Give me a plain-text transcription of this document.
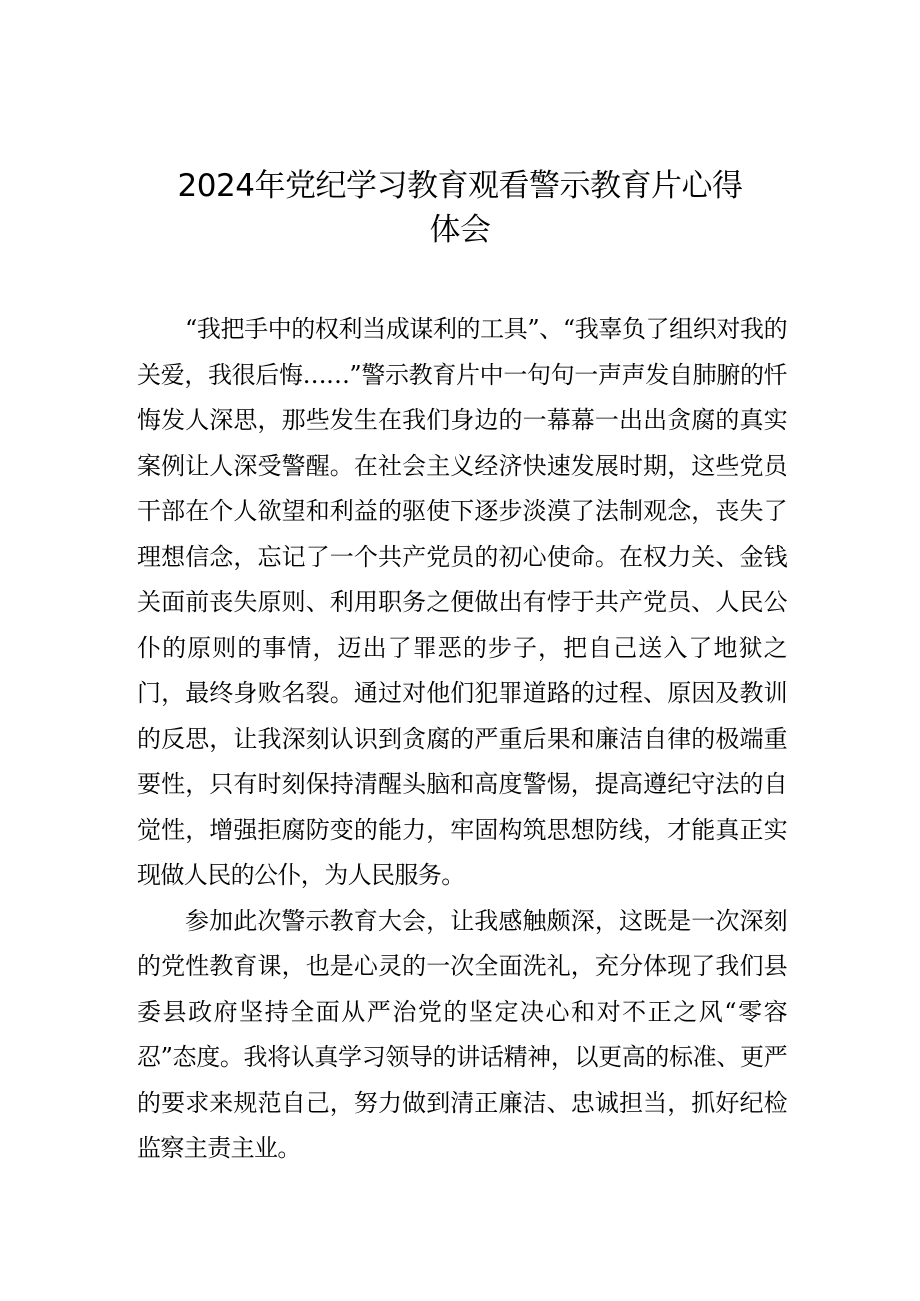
2024年党纪学习教育观看警示教育片心得
体会

“我把手中的权利当成谋利的工具”、“我辜负了组织对我的关爱，我很后悔……”警示教育片中一句句一声声发自肺腑的忏悔发人深思，那些发生在我们身边的一幕幕一出出贪腐的真实案例让人深受警醒。在社会主义经济快速发展时期，这些党员干部在个人欲望和利益的驱使下逐步淡漠了法制观念，丧失了理想信念，忘记了一个共产党员的初心使命。在权力关、金钱关面前丧失原则、利用职务之便做出有悖于共产党员、人民公仆的原则的事情，迈出了罪恶的步子，把自己送入了地狱之门，最终身败名裂。通过对他们犯罪道路的过程、原因及教训的反思，让我深刻认识到贪腐的严重后果和廉洁自律的极端重要性，只有时刻保持清醒头脑和高度警惕，提高遵纪守法的自觉性，增强拒腐防变的能力，牢固构筑思想防线，才能真正实现做人民的公仆，为人民服务。

参加此次警示教育大会，让我感触颇深，这既是一次深刻的党性教育课，也是心灵的一次全面洗礼，充分体现了我们县委县政府坚持全面从严治党的坚定决心和对不正之风“零容忍”态度。我将认真学习领导的讲话精神，以更高的标准、更严的要求来规范自己，努力做到清正廉洁、忠诚担当，抓好纪检监察主责主业。
